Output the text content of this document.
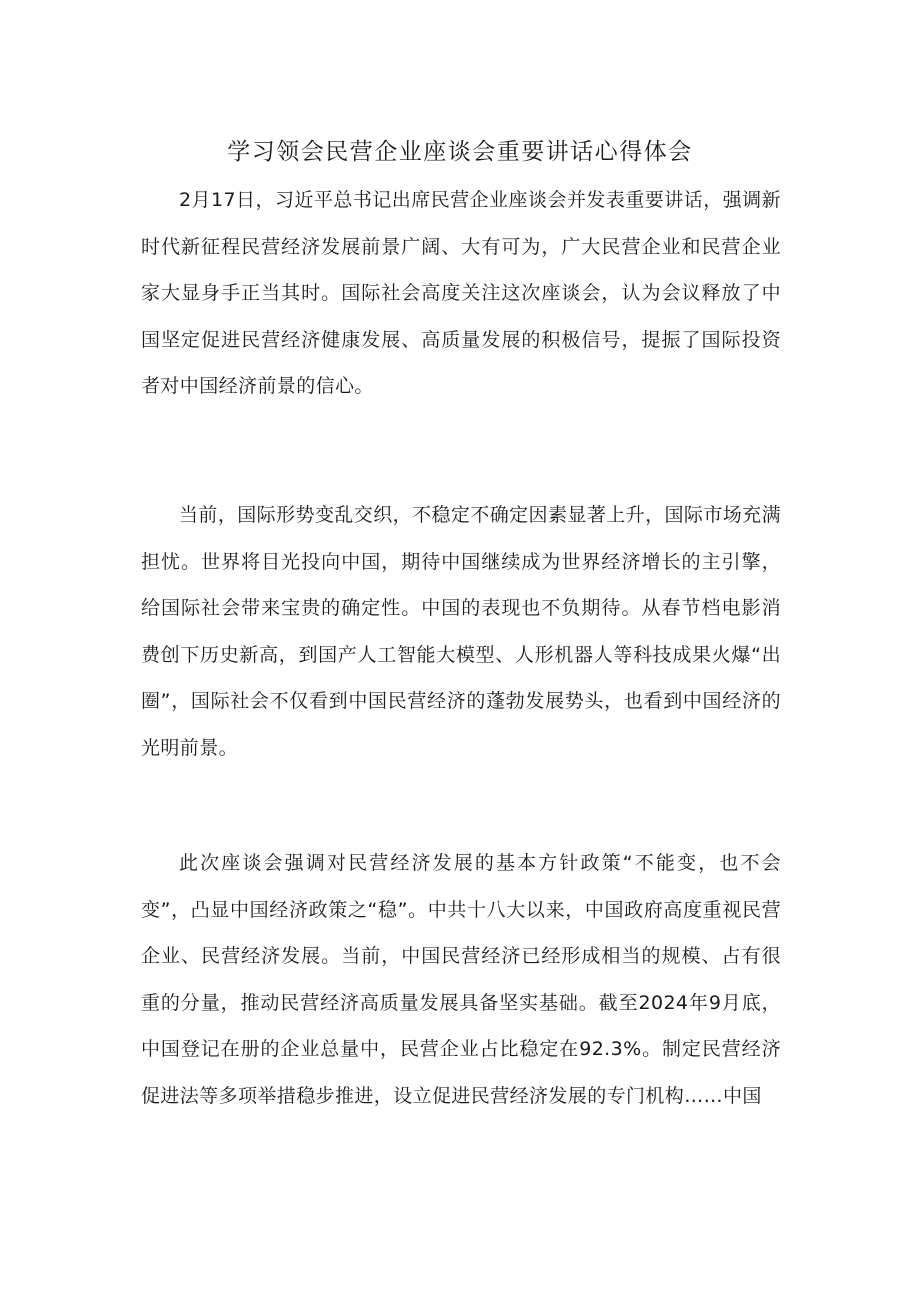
学习领会民营企业座谈会重要讲话心得体会

2月17日，习近平总书记出席民营企业座谈会并发表重要讲话，强调新时代新征程民营经济发展前景广阔、大有可为，广大民营企业和民营企业家大显身手正当其时。国际社会高度关注这次座谈会，认为会议释放了中国坚定促进民营经济健康发展、高质量发展的积极信号，提振了国际投资者对中国经济前景的信心。

当前，国际形势变乱交织，不稳定不确定因素显著上升，国际市场充满担忧。世界将目光投向中国，期待中国继续成为世界经济增长的主引擎，给国际社会带来宝贵的确定性。中国的表现也不负期待。从春节档电影消费创下历史新高，到国产人工智能大模型、人形机器人等科技成果火爆“出圈”，国际社会不仅看到中国民营经济的蓬勃发展势头，也看到中国经济的光明前景。

此次座谈会强调对民营经济发展的基本方针政策“不能变，也不会变”，凸显中国经济政策之“稳”。中共十八大以来，中国政府高度重视民营企业、民营经济发展。当前，中国民营经济已经形成相当的规模、占有很重的分量，推动民营经济高质量发展具备坚实基础。截至2024年9月底，中国登记在册的企业总量中，民营企业占比稳定在92.3%。制定民营经济促进法等多项举措稳步推进，设立促进民营经济发展的专门机构……中国
